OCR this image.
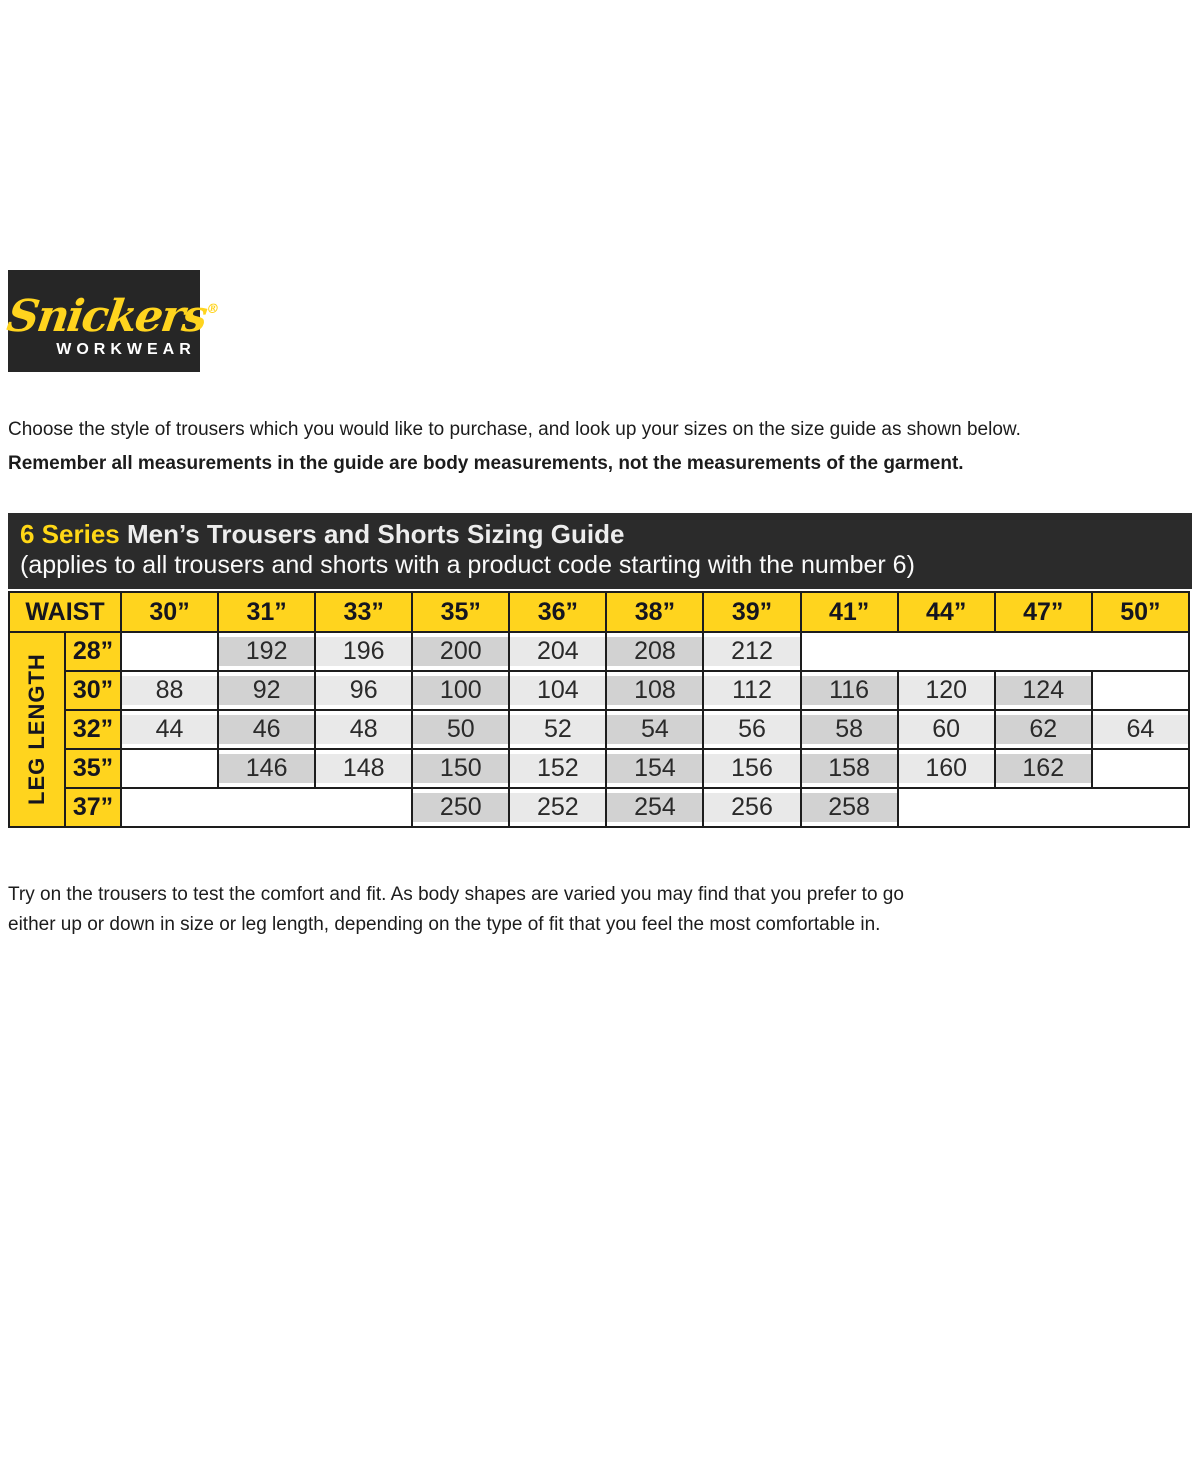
Snickers®
WORKWEAR

Choose the style of trousers which you would like to purchase, and look up your sizes on the size guide as shown below.

Remember all measurements in the guide are body measurements, not the measurements of the garment.

6 Series Men’s Trousers and Shorts Sizing Guide
(applies to all trousers and shorts with a product code starting with the number 6)
WAIST		30”	31”	33”	35”	36”	38”	39”	41”	44”	47”	50”
LEG LENGTH	28”		192	196	200	204	208	212				

	30”	88	92	96	100	104	108	112	116	120	124	

	32”	44	46	48	50	52	54	56	58	60	62	64

	35”		146	148	150	152	154	156	158	160	162	

	37”				250	252	254	256	258			

Try on the trousers to test the comfort and fit. As body shapes are varied you may find that you prefer to go

either up or down in size or leg length, depending on the type of fit that you feel the most comfortable in.
